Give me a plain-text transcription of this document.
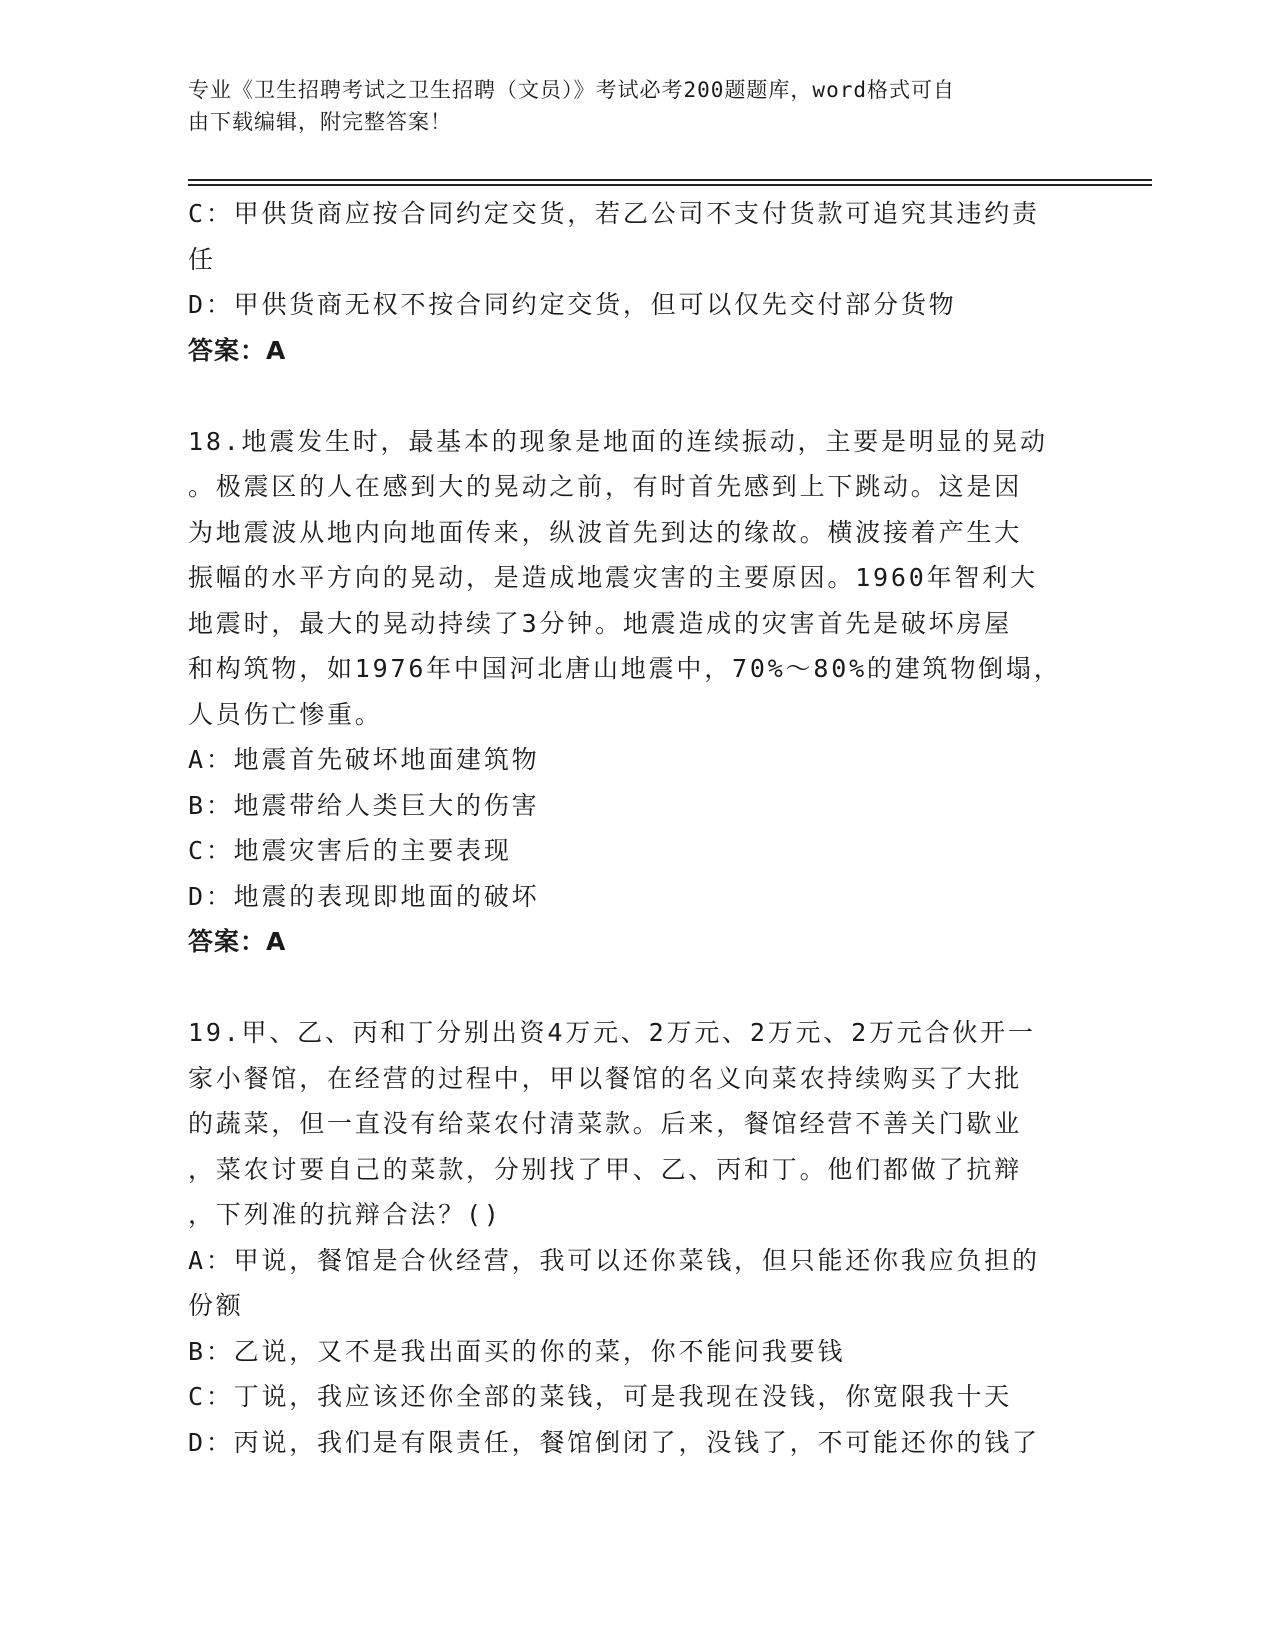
专业《卫生招聘考试之卫生招聘（文员）》考试必考200题题库，word格式可自
由下载编辑，附完整答案！
C：甲供货商应按合同约定交货，若乙公司不支付货款可追究其违约责
任
D：甲供货商无权不按合同约定交货，但可以仅先交付部分货物
答案：A
18.地震发生时，最基本的现象是地面的连续振动，主要是明显的晃动
。极震区的人在感到大的晃动之前，有时首先感到上下跳动。这是因
为地震波从地内向地面传来，纵波首先到达的缘故。横波接着产生大
振幅的水平方向的晃动，是造成地震灾害的主要原因。1960年智利大
地震时，最大的晃动持续了3分钟。地震造成的灾害首先是破坏房屋
和构筑物，如1976年中国河北唐山地震中，70%～80%的建筑物倒塌，
人员伤亡惨重。
A：地震首先破坏地面建筑物
B：地震带给人类巨大的伤害
C：地震灾害后的主要表现
D：地震的表现即地面的破坏
答案：A
19.甲、乙、丙和丁分别出资4万元、2万元、2万元、2万元合伙开一
家小餐馆，在经营的过程中，甲以餐馆的名义向菜农持续购买了大批
的蔬菜，但一直没有给菜农付清菜款。后来，餐馆经营不善关门歇业
，菜农讨要自己的菜款，分别找了甲、乙、丙和丁。他们都做了抗辩
，下列准的抗辩合法？()
A：甲说，餐馆是合伙经营，我可以还你菜钱，但只能还你我应负担的
份额
B：乙说，又不是我出面买的你的菜，你不能问我要钱
C：丁说，我应该还你全部的菜钱，可是我现在没钱，你宽限我十天
D：丙说，我们是有限责任，餐馆倒闭了，没钱了，不可能还你的钱了
